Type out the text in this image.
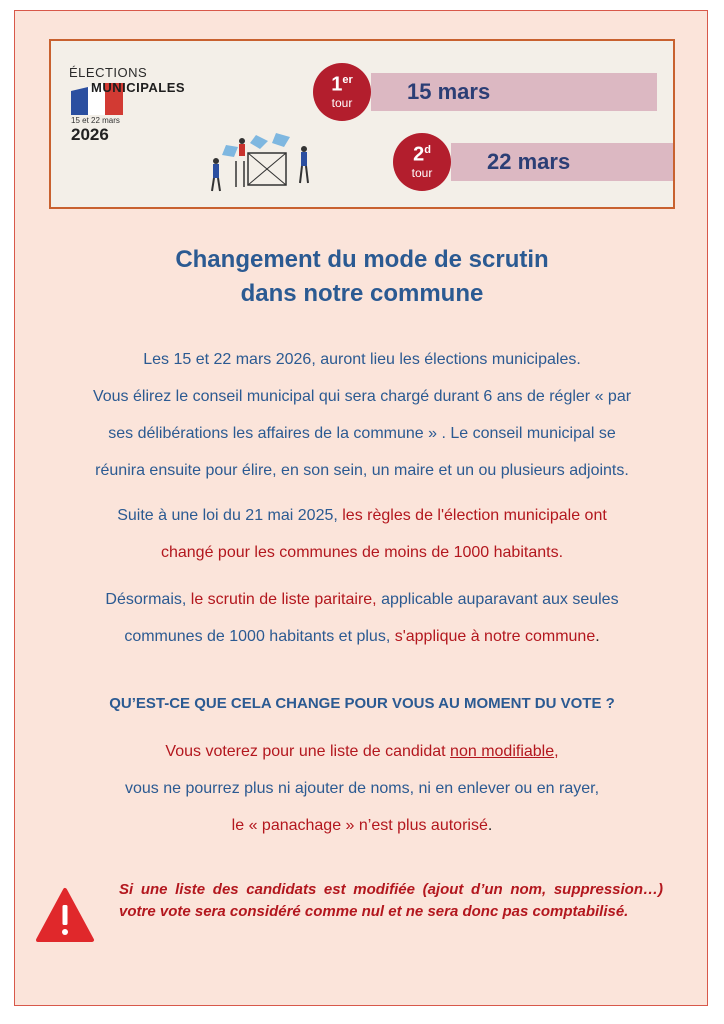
ÉLECTIONS
MUNICIPALES
15 et 22 mars
2026
15 mars
1er
tour
22 mars
2$^d$
tour
Changement du mode de scrutin
dans notre commune
Les 15 et 22 mars 2026, auront lieu les élections municipales.
Vous élirez le conseil municipal qui sera chargé durant 6 ans de régler « par
ses délibérations les affaires de la commune » . Le conseil municipal se
réunira ensuite pour élire, en son sein, un maire et un ou plusieurs adjoints.
Suite à une loi du 21 mai 2025, les règles de l'élection municipale ont
changé pour les communes de moins de 1000 habitants.
Désormais, le scrutin de liste paritaire, applicable auparavant aux seules
communes de 1000 habitants et plus, s'applique à notre commune.
QU’EST-CE QUE CELA CHANGE POUR VOUS AU MOMENT DU VOTE ?
Vous voterez pour une liste de candidat non modifiable,
vous ne pourrez plus ni ajouter de noms, ni en enlever ou en rayer,
le « panachage » n’est plus autorisé.
Si une liste des candidats est modifiée (ajout d’un nom, suppression…) votre vote sera considéré comme nul et ne sera donc pas comptabilisé.
